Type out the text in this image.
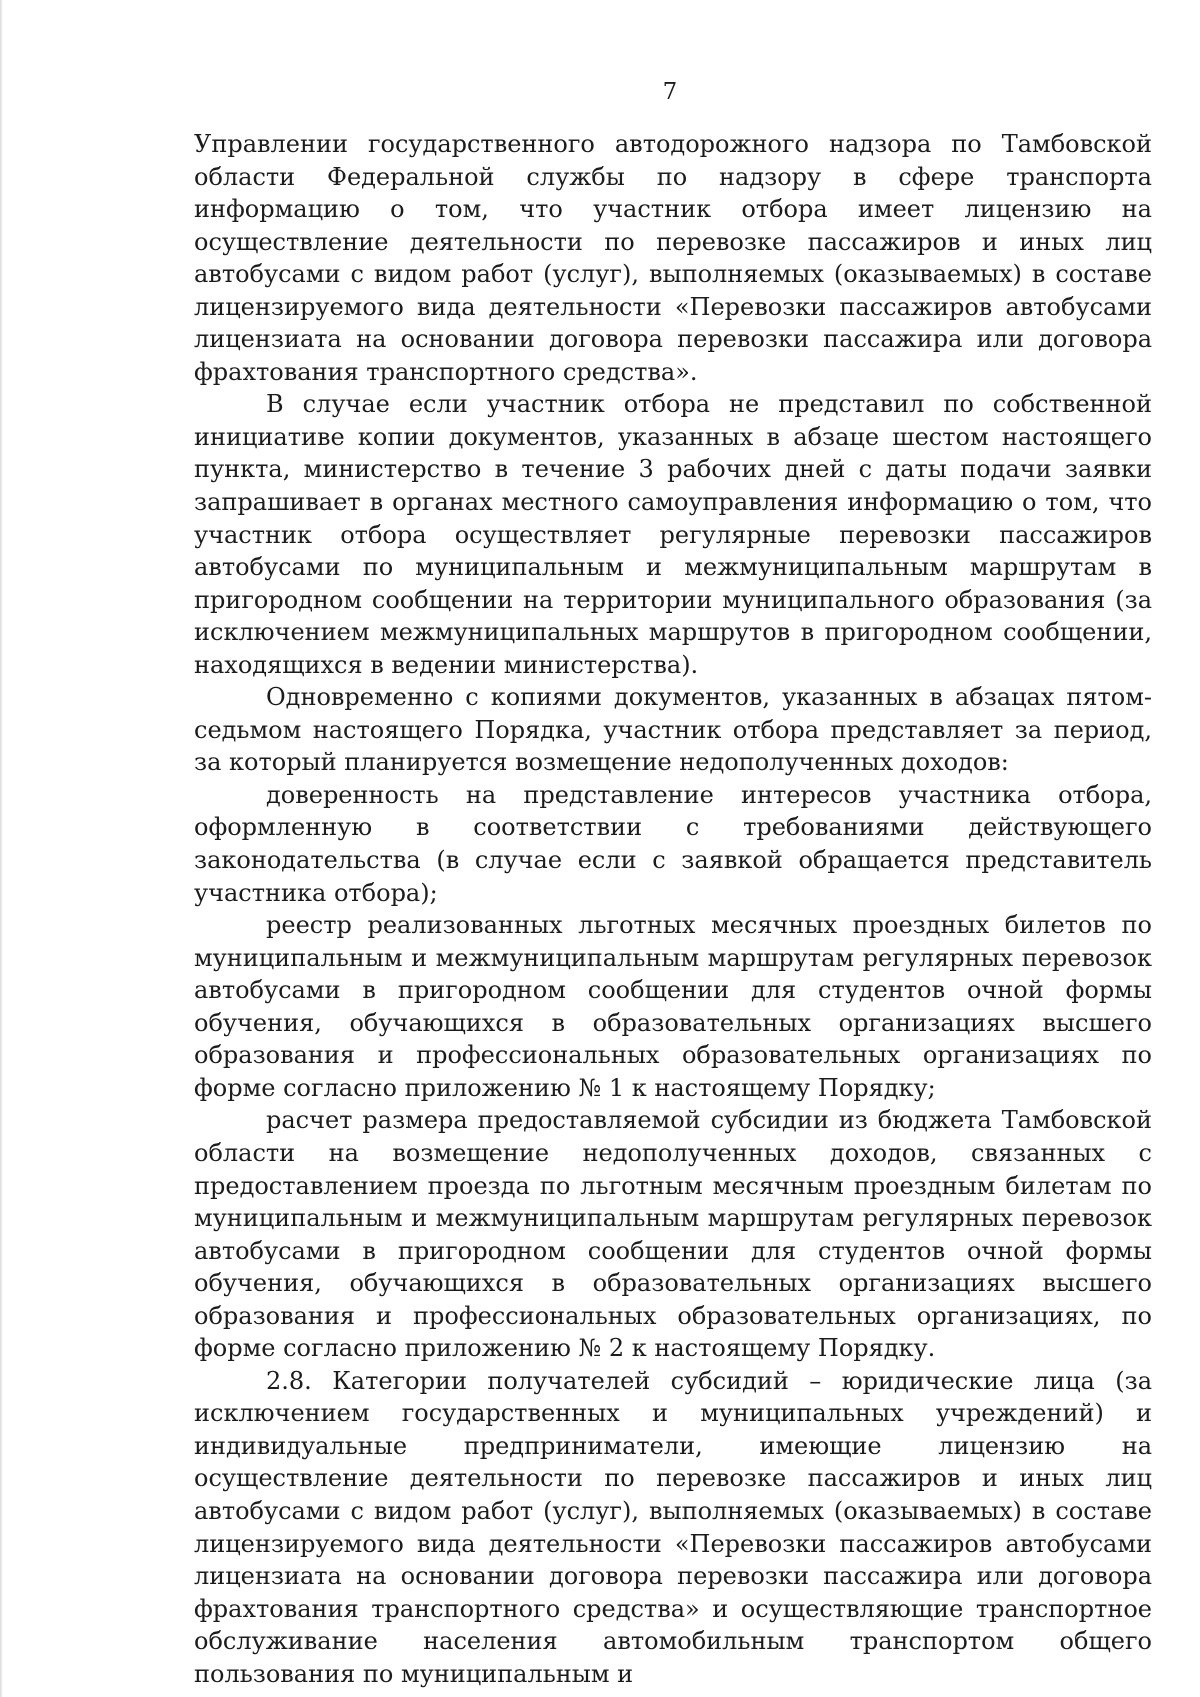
7

Управлении государственного автодорожного надзора по Тамбовской области Федеральной службы по надзору в сфере транспорта информацию о том, что участник отбора имеет лицензию на осуществление деятельности по перевозке пассажиров и иных лиц автобусами с видом работ (услуг), выполняемых (оказываемых) в составе лицензируемого вида деятельности «Перевозки пассажиров автобусами лицензиата на основании договора перевозки пассажира или договора фрахтования транспортного средства».

В случае если участник отбора не представил по собственной инициативе копии документов, указанных в абзаце шестом настоящего пункта, министерство в течение 3 рабочих дней с даты подачи заявки запрашивает в органах местного самоуправления информацию о том, что участник отбора осуществляет регулярные перевозки пассажиров автобусами по муниципальным и межмуниципальным маршрутам в пригородном сообщении на территории муниципального образования (за исключением межмуниципальных маршрутов в пригородном сообщении, находящихся в ведении министерства).

Одновременно с копиями документов, указанных в абзацах пятом-седьмом настоящего Порядка, участник отбора представляет за период, за который планируется возмещение недополученных доходов:

доверенность на представление интересов участника отбора, оформленную в соответствии с требованиями действующего законодательства (в случае если с заявкой обращается представитель участника отбора);

реестр реализованных льготных месячных проездных билетов по муниципальным и межмуниципальным маршрутам регулярных перевозок автобусами в пригородном сообщении для студентов очной формы обучения, обучающихся в образовательных организациях высшего образования и профессиональных образовательных организациях по форме согласно приложению № 1 к настоящему Порядку;

расчет размера предоставляемой субсидии из бюджета Тамбовской области на возмещение недополученных доходов, связанных с предоставлением проезда по льготным месячным проездным билетам по муниципальным и межмуниципальным маршрутам регулярных перевозок автобусами в пригородном сообщении для студентов очной формы обучения, обучающихся в образовательных организациях высшего образования и профессиональных образовательных организациях, по форме согласно приложению № 2 к настоящему Порядку.

2.8. Категории получателей субсидий – юридические лица (за исключением государственных и муниципальных учреждений) и индивидуальные предприниматели, имеющие лицензию на осуществление деятельности по перевозке пассажиров и иных лиц автобусами с видом работ (услуг), выполняемых (оказываемых) в составе лицензируемого вида деятельности «Перевозки пассажиров автобусами лицензиата на основании договора перевозки пассажира или договора фрахтования транспортного средства» и осуществляющие транспортное обслуживание населения автомобильным транспортом общего пользования по муниципальным и
